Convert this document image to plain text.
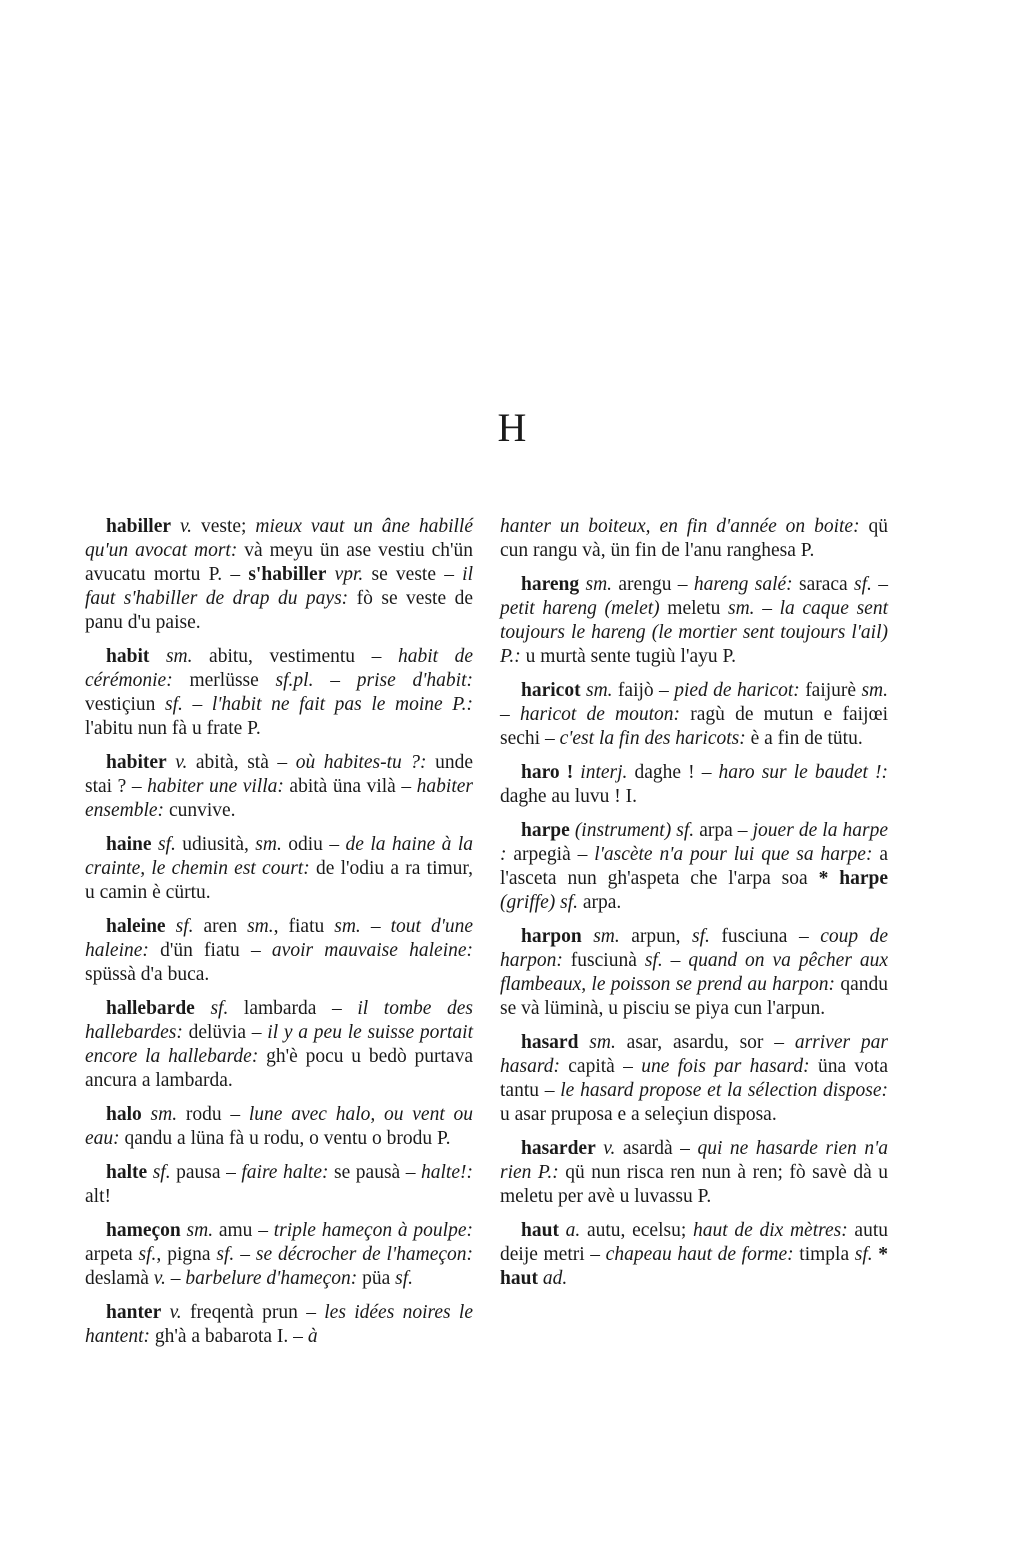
H

habiller v. veste; mieux vaut un âne habillé qu'un avocat mort: và meyu ün ase vestiu ch'ün avucatu mortu P. – s'habiller vpr. se veste – il faut s'habiller de drap du pays: fò se veste de panu d'u paise.

habit sm. abitu, vestimentu – habit de cérémonie: merlüsse sf.pl. – prise d'habit: vestiçiun sf. – l'habit ne fait pas le moine P.: l'abitu nun fà u frate P.

habiter v. abità, stà – où habites-tu ?: unde stai ? – habiter une villa: abità üna vilà – habiter ensemble: cunvive.

haine sf. udiusità, sm. odiu – de la haine à la crainte, le chemin est court: de l'odiu a ra timur, u camin è cürtu.

haleine sf. aren sm., fiatu sm. – tout d'une haleine: d'ün fiatu – avoir mauvaise haleine: spüssà d'a buca.

hallebarde sf. lambarda – il tombe des hallebardes: delüvia – il y a peu le suisse portait encore la hallebarde: gh'è pocu u bedò purtava ancura a lambarda.

halo sm. rodu – lune avec halo, ou vent ou eau: qandu a lüna fà u rodu, o ventu o brodu P.

halte sf. pausa – faire halte: se pausà – halte!: alt!

hameçon sm. amu – triple hameçon à poulpe: arpeta sf., pigna sf. – se décrocher de l'hameçon: deslamà v. – barbelure d'hameçon: püa sf.

hanter v. freqentà prun – les idées noires le hantent: gh'à a babarota I. – à

hanter un boiteux, en fin d'année on boite: qü cun rangu và, ün fin de l'anu ranghesa P.

hareng sm. arengu – hareng salé: saraca sf. – petit hareng (melet) meletu sm. – la caque sent toujours le hareng (le mortier sent toujours l'ail) P.: u murtà sente tugiù l'ayu P.

haricot sm. faijò – pied de haricot: faijurè sm. – haricot de mouton: ragù de mutun e faijœi sechi – c'est la fin des haricots: è a fin de tütu.

haro ! interj. daghe ! – haro sur le baudet !: daghe au luvu ! I.

harpe (instrument) sf. arpa – jouer de la harpe : arpegià – l'ascète n'a pour lui que sa harpe: a l'asceta nun gh'aspeta che l'arpa soa * harpe (griffe) sf. arpa.

harpon sm. arpun, sf. fusciuna – coup de harpon: fusciunà sf. – quand on va pêcher aux flambeaux, le poisson se prend au harpon: qandu se và lüminà, u pisciu se piya cun l'arpun.

hasard sm. asar, asardu, sor – arriver par hasard: capità – une fois par hasard: üna vota tantu – le hasard propose et la sélection dispose: u asar pruposa e a seleçiun disposa.

hasarder v. asardà – qui ne hasarde rien n'a rien P.: qü nun risca ren nun à ren; fò savè dà u meletu per avè u luvassu P.

haut a. autu, ecelsu; haut de dix mètres: autu deije metri – chapeau haut de forme: timpla sf. * haut ad.
